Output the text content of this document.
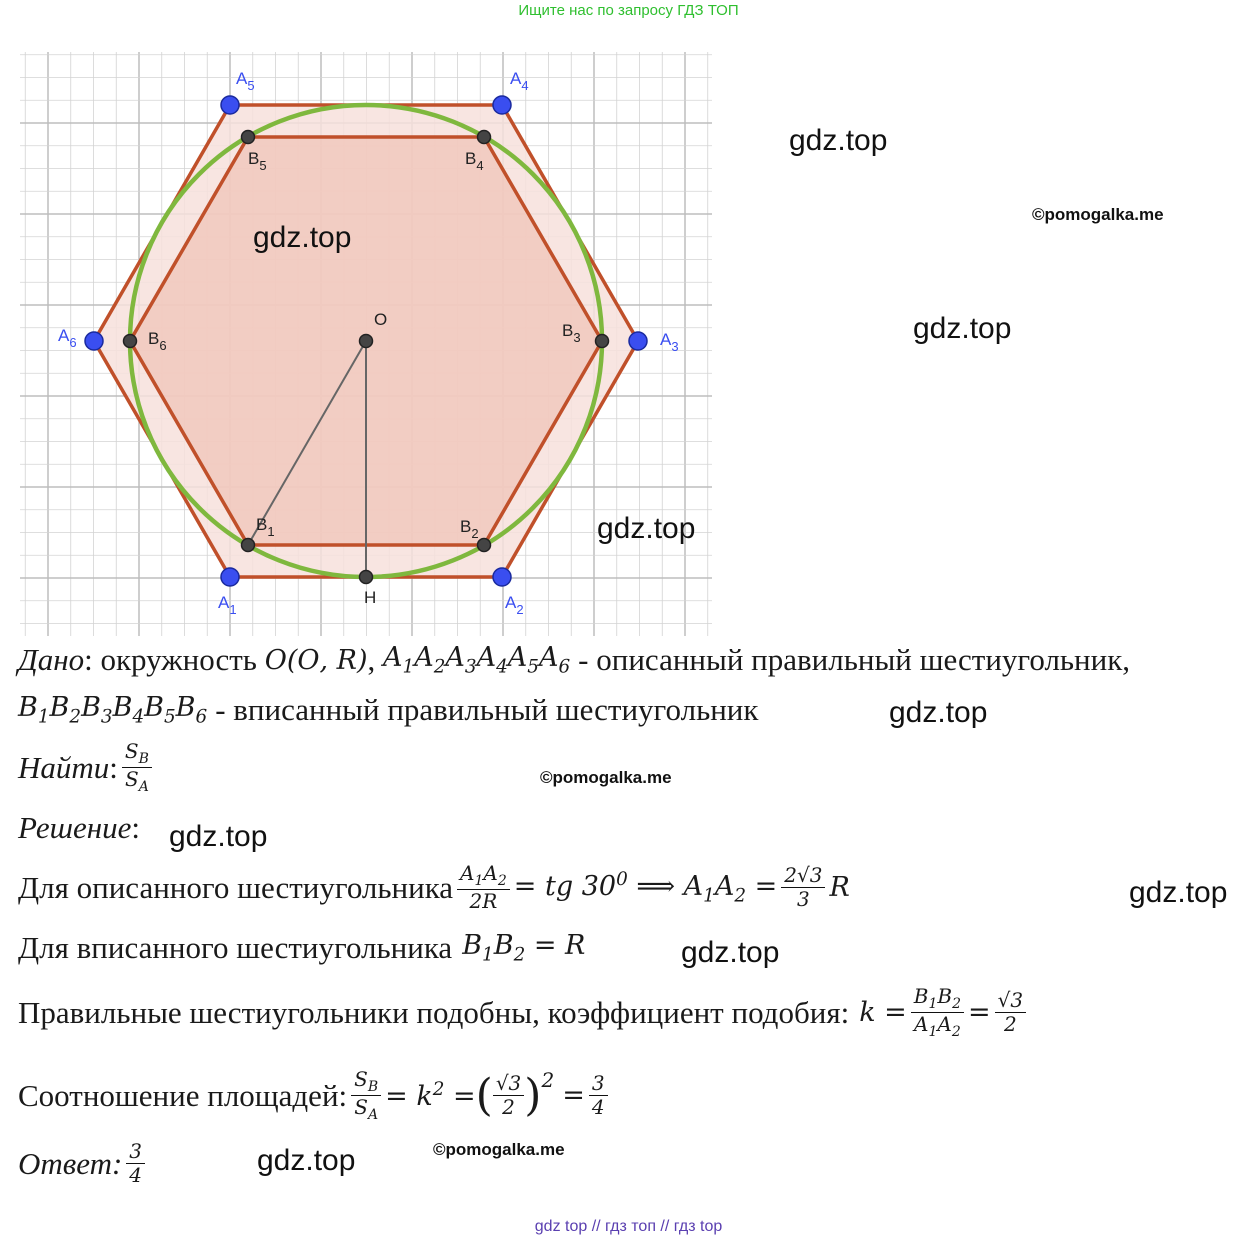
Ищите нас по запросу ГДЗ ТОП
$A_1$	$A_2$
$A_3$
$A_4$
$A_5$
$A_6$
$B_1$	$B_2$
$B_3$
$B_4$
$B_5$
$B_6$
O
H
gdz.top
©pomogalka.me
gdz.top
gdz.top
gdz.top
Дано : окружность 𝑂(𝑂, 𝑅) , 𝐴$_1$𝐴$_2$𝐴$_3$𝐴$_4$𝐴$_5$𝐴$_6$ - описанный правильный шестиугольник,
𝐵$_1$𝐵$_2$𝐵$_3$𝐵$_4$𝐵$_5$𝐵$_6$ - вписанный правильный шестиугольник	gdz.top
Найти : $\frac{𝑆_𝐵}{𝑆_𝐴}$	©pomogalka.me
Решение : gdz.top
Для описанного шестиугольника $\frac{𝐴_1𝐴_2}{\text{2𝑅}}$ = 𝑡𝑔 $30^0$ ⟹ 𝐴$_1$𝐴$_2$ = $\frac{2√3}{3}$ 𝑅	gdz.top
Для вписанного шестиугольника 𝐵$_1$𝐵$_2$ = 𝑅	gdz.top
Правильные шестиугольники подобны, коэффициент подобия: 𝑘 = $\frac{𝐵_1𝐵_2}{𝐴_1𝐴_2} = \frac{√3}{2}$
Соотношение площадей: $\frac{𝑆_𝐵}{𝑆_𝐴}$ = 𝑘$^2$ = ( $\frac{√3}{2}$ ) 2
= $\frac{3}{4}$
©pomogalka.me
Ответ: $\frac{3}{4}$	gdz.top
gdz top // гдз топ // гдз top
